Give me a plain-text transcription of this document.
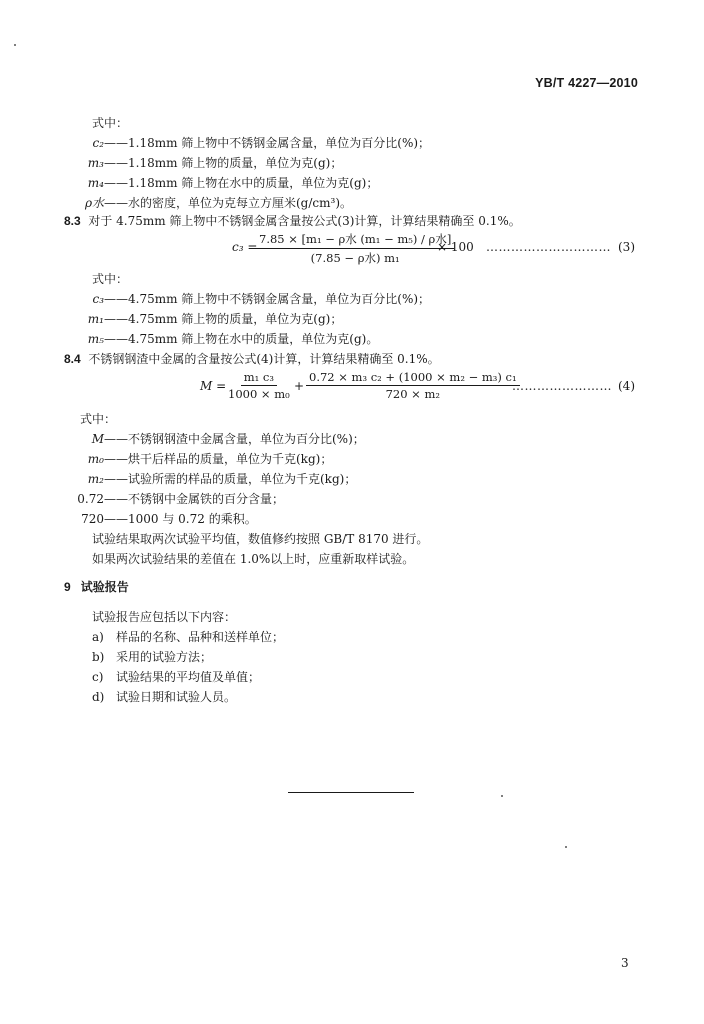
YB/T 4227—2010
式中：
c₂——1.18mm 筛上物中不锈钢金属含量，单位为百分比(%)；
m₃——1.18mm 筛上物的质量，单位为克(g)；
m₄——1.18mm 筛上物在水中的质量，单位为克(g)；
ρ水——水的密度，单位为克每立方厘米(g/cm³)。
8.3 对于 4.75mm 筛上物中不锈钢金属含量按公式(3)计算，计算结果精确至 0.1%。
c₃ =
7.85 × [m₁ − ρ水 (m₁ − m₅) / ρ水]
(7.85 − ρ水) m₁
× 100 ………………………… (3)
式中：
c₃——4.75mm 筛上物中不锈钢金属含量，单位为百分比(%)；
m₁——4.75mm 筛上物的质量，单位为克(g)；
m₅——4.75mm 筛上物在水中的质量，单位为克(g)。
8.4 不锈钢钢渣中金属的含量按公式(4)计算，计算结果精确至 0.1%。
$M = \frac{\text{m₁ c₃}}{\text{1000 × m₀}} + \frac{\text{0.72 × m₃ c₂ + (1000 × m₂ − m₃) c₁}}{\text{720 × m₂}}$
…………………… (4)
式中：
M——不锈钢钢渣中金属含量，单位为百分比(%)；
m₀——烘干后样品的质量，单位为千克(kg)；
m₂——试验所需的样品的质量，单位为千克(kg)；
0.72——不锈钢中金属铁的百分含量；
720——1000 与 0.72 的乘积。
试验结果取两次试验平均值，数值修约按照 GB/T 8170 进行。
如果两次试验结果的差值在 1.0%以上时，应重新取样试验。
9 试验报告
试验报告应包括以下内容：
a) 样品的名称、品种和送样单位；
b) 采用的试验方法；
c) 试验结果的平均值及单值；
d) 试验日期和试验人员。
3
